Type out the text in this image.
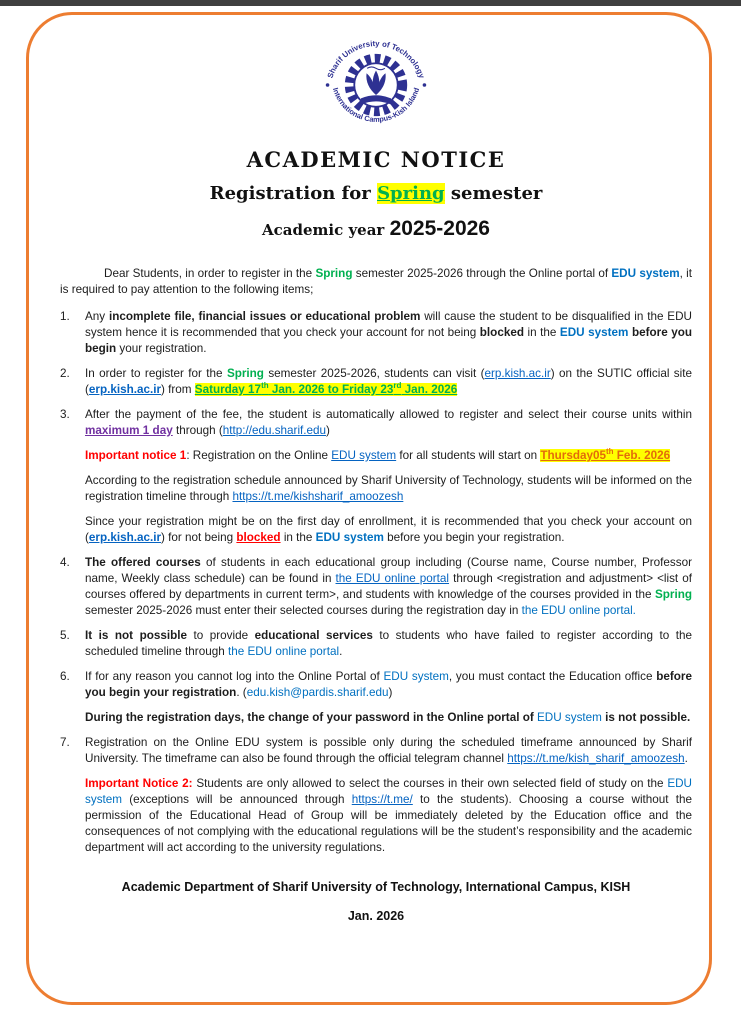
Sharif University of Technology
International Campus-Kish Island
ACADEMIC NOTICE
Registration for Spring semester
Academic year 2025-2026
Dear Students, in order to register in the Spring semester 2025-2026 through the Online portal of EDU system, it is required to pay attention to the following items;
1.	Any incomplete file, financial issues or educational problem will cause the student to be disqualified in the EDU system hence it is recommended that you check your account for not being blocked in the EDU system before you begin your registration.
2.	In order to register for the Spring semester 2025-2026, students can visit (erp.kish.ac.ir) on the SUTIC official site (erp.kish.ac.ir) from Saturday 17th Jan. 2026 to Friday 23rd Jan. 2026
3.	After the payment of the fee, the student is automatically allowed to register and select their course units within maximum 1 day through (http://edu.sharif.edu)
Important notice 1: Registration on the Online EDU system for all students will start on Thursday05th Feb. 2026
According to the registration schedule announced by Sharif University of Technology, students will be informed on the registration timeline through https://t.me/kishsharif_amoozesh
Since your registration might be on the first day of enrollment, it is recommended that you check your account on (erp.kish.ac.ir) for not being blocked in the EDU system before you begin your registration.
4.	The offered courses of students in each educational group including (Course name, Course number, Professor name, Weekly class schedule) can be found in the EDU online portal through <registration and adjustment> <list of courses offered by departments in current term>, and students with knowledge of the courses provided in the Spring semester 2025-2026 must enter their selected courses during the registration day in the EDU online portal.
5.	It is not possible to provide educational services to students who have failed to register according to the scheduled timeline through the EDU online portal.
6.	If for any reason you cannot log into the Online Portal of EDU system, you must contact the Education office before you begin your registration. (edu.kish@pardis.sharif.edu)
During the registration days, the change of your password in the Online portal of EDU system is not possible.
7.	Registration on the Online EDU system is possible only during the scheduled timeframe announced by Sharif University. The timeframe can also be found through the official telegram channel https://t.me/kish_sharif_amoozesh.
Important Notice 2: Students are only allowed to select the courses in their own selected field of study on the EDU system (exceptions will be announced through https://t.me/ to the students). Choosing a course without the permission of the Educational Head of Group will be immediately deleted by the Education office and the consequences of not complying with the educational regulations will be the student’s responsibility and the academic department will act according to the university regulations.
Academic Department of Sharif University of Technology, International Campus, KISH
Jan. 2026
